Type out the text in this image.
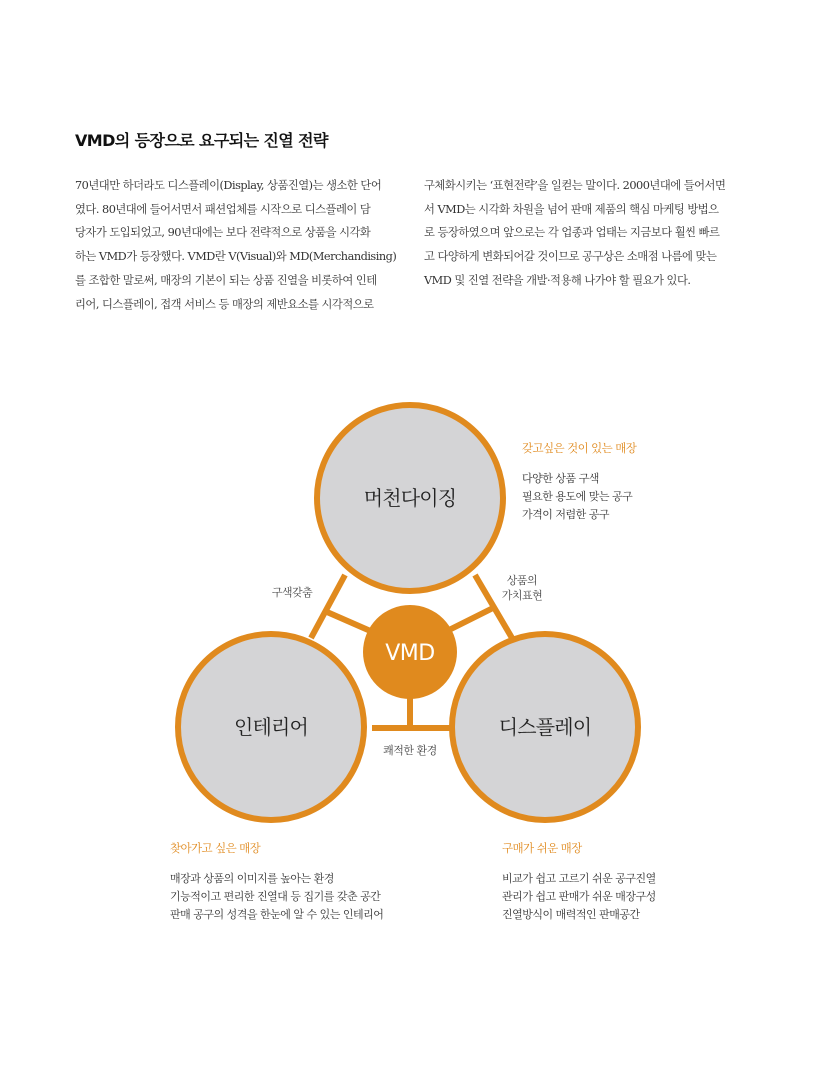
VMD의 등장으로 요구되는 진열 전략
70년대만 하더라도 디스플레이(Display, 상품진열)는 생소한 단어
였다. 80년대에 들어서면서 패션업체를 시작으로 디스플레이 담
당자가 도입되었고, 90년대에는 보다 전략적으로 상품을 시각화
하는 VMD가 등장했다. VMD란 V(Visual)와 MD(Merchandising)
를 조합한 말로써, 매장의 기본이 되는 상품 진열을 비롯하여 인테
리어, 디스플레이, 접객 서비스 등 매장의 제반요소를 시각적으로
구체화시키는 ‘표현전략’을 일컫는 말이다. 2000년대에 들어서면
서 VMD는 시각화 차원을 넘어 판매 제품의 핵심 마케팅 방법으
로 등장하였으며 앞으로는 각 업종과 업태는 지금보다 훨씬 빠르
고 다양하게 변화되어갈 것이므로 공구상은 소매점 나름에 맞는
VMD 및 진열 전략을 개발·적용해 나가야 할 필요가 있다.
머천다이징
인테리어	디스플레이
VMD
구색갖춤
상품의
가치표현
쾌적한 환경
갖고싶은 것이 있는 매장
다양한 상품 구색
필요한 용도에 맞는 공구
가격이 저렴한 공구
찾아가고 싶은 매장
매장과 상품의 이미지를 높아는 환경
기능적이고 편리한 진열대 등 집기를 갖춘 공간
판매 공구의 성격을 한눈에 알 수 있는 인테리어
구매가 쉬운 매장
비교가 쉽고 고르기 쉬운 공구진열
관리가 쉽고 판매가 쉬운 매장구성
진열방식이 매력적인 판매공간
